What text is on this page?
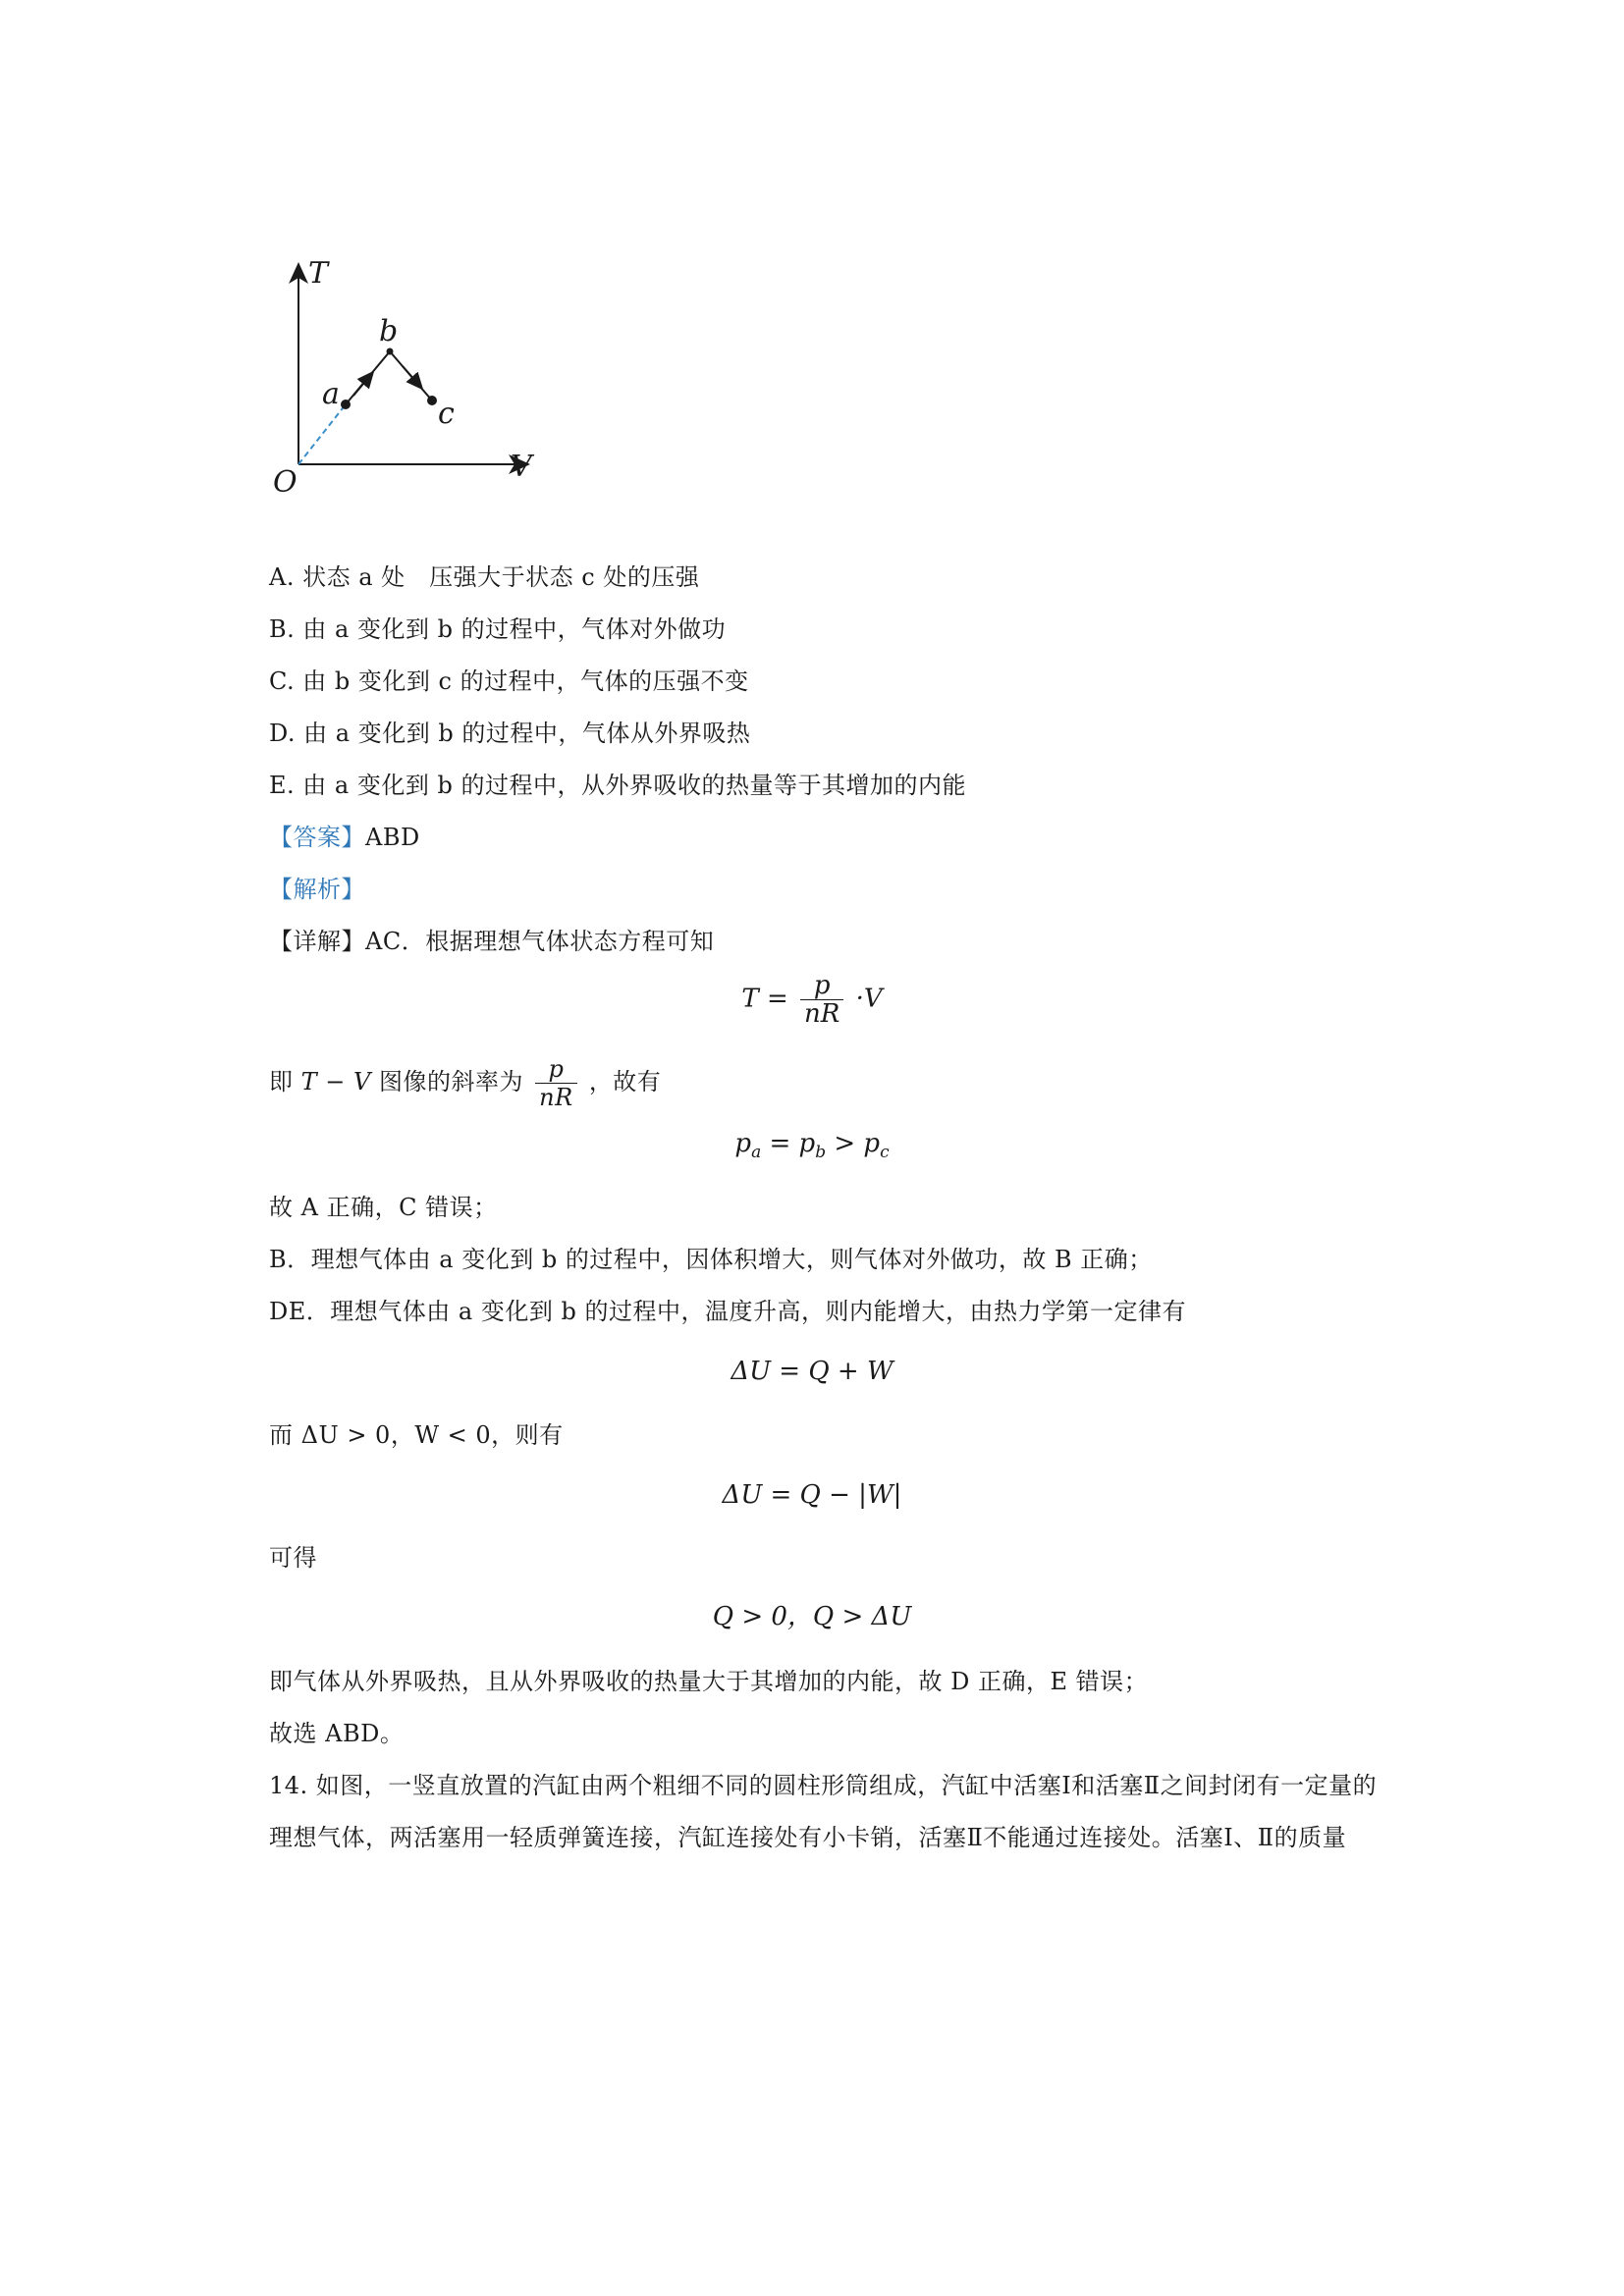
T
V
O
a
b
c
A. 状态 a 处　压强大于状态 c 处的压强
B. 由 a 变化到 b 的过程中，气体对外做功
C. 由 b 变化到 c 的过程中，气体的压强不变
D. 由 a 变化到 b 的过程中，气体从外界吸热
E. 由 a 变化到 b 的过程中，从外界吸收的热量等于其增加的内能
【答案】ABD
【解析】
【详解】AC．根据理想气体状态方程可知
$T = \frac{p}{nR} \cdot V$
即 T − V 图像的斜率为 $\frac{p}{nR}$ ，故有
$p_a = p_b > p_c$
故 A 正确，C 错误；
B．理想气体由 a 变化到 b 的过程中，因体积增大，则气体对外做功，故 B 正确；
DE．理想气体由 a 变化到 b 的过程中，温度升高，则内能增大，由热力学第一定律有
ΔU = Q + W
而 ΔU > 0，W < 0，则有
ΔU = Q − |W|
可得
Q > 0，Q > ΔU
即气体从外界吸热，且从外界吸收的热量大于其增加的内能，故 D 正确，E 错误；
故选 ABD。
14. 如图，一竖直放置的汽缸由两个粗细不同的圆柱形筒组成，汽缸中活塞Ⅰ和活塞Ⅱ之间封闭有一定量的
理想气体，两活塞用一轻质弹簧连接，汽缸连接处有小卡销，活塞Ⅱ不能通过连接处。活塞Ⅰ、Ⅱ的质量
